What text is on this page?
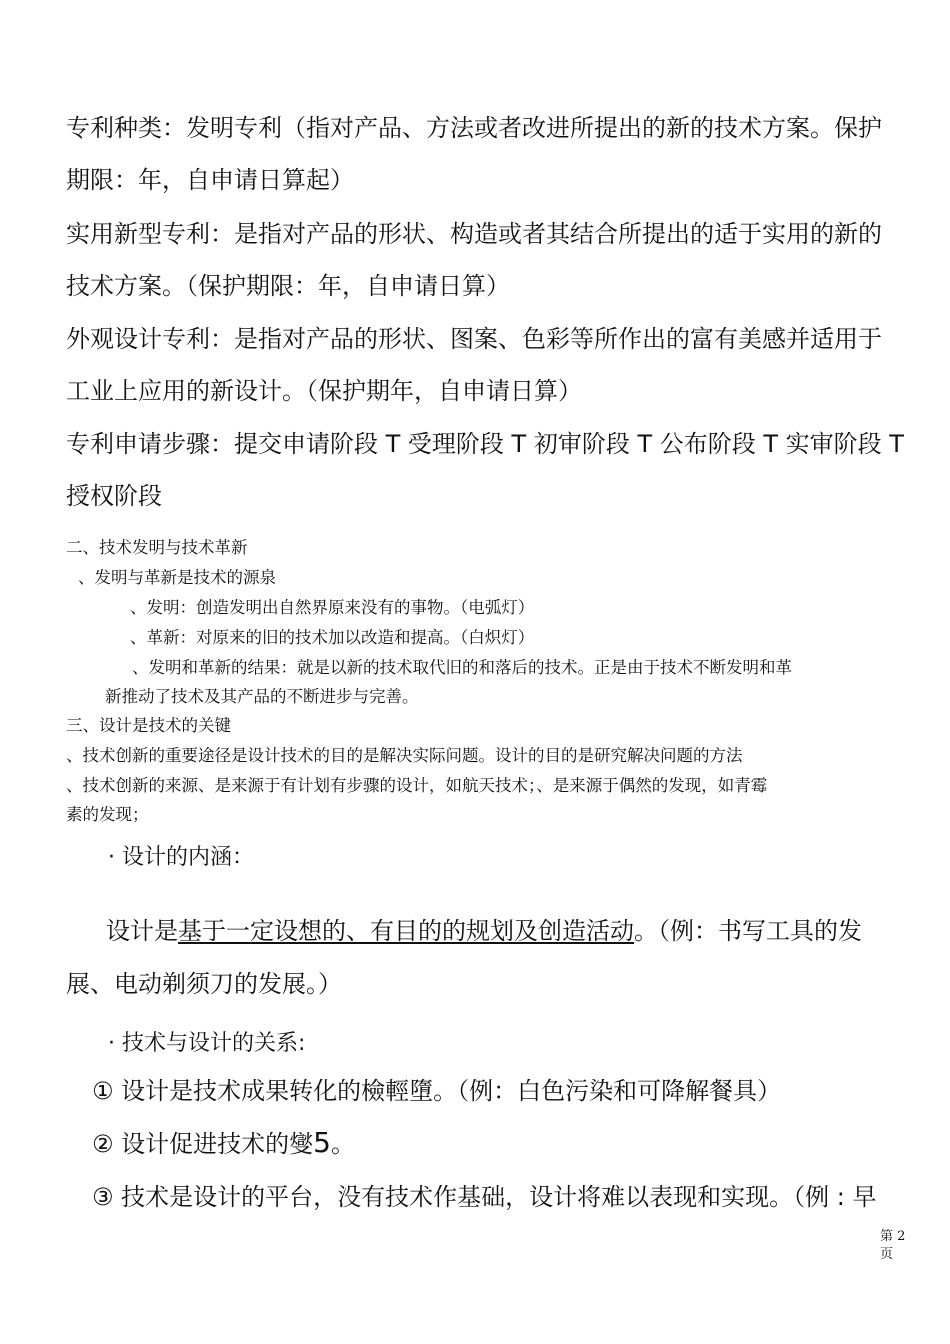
专利种类：发明专利（指对产品、方法或者改进所提出的新的技术方案。保护

期限：年，自申请日算起）

实用新型专利：是指对产品的形状、构造或者其结合所提出的适于实用的新的

技术方案。（保护期限：年，自申请日算）

外观设计专利：是指对产品的形状、图案、色彩等所作出的富有美感并适用于

工业上应用的新设计。（保护期年，自申请日算）

专利申请步骤：提交申请阶段 T 受理阶段 T 初审阶段 T 公布阶段 T 实审阶段 T

授权阶段

二、技术发明与技术革新

、发明与革新是技术的源泉

、发明：创造发明出自然界原来没有的事物。（电弧灯）

、革新：对原来的旧的技术加以改造和提高。（白炽灯）

、发明和革新的结果：就是以新的技术取代旧的和落后的技术。正是由于技术不断发明和革

新推动了技术及其产品的不断进步与完善。

三、设计是技术的关键

、技术创新的重要途径是设计技术的目的是解决实际问题。设计的目的是研究解决问题的方法

、技术创新的来源、是来源于有计划有步骤的设计，如航天技术；、是来源于偶然的发现，如青霉

素的发现；

· 设计的内涵：

设计是基于一定设想的、有目的的规划及创造活动。（例：书写工具的发

展、电动剃须刀的发展。）

· 技术与设计的关系:

① 设计是技术成果转化的檢輕墮。（例：白色污染和可降解餐具）

② 设计促进技术的燮5。

③ 技术是设计的平台，没有技术作基础，设计将难以表现和实现。（例 : 早

第 2
页
